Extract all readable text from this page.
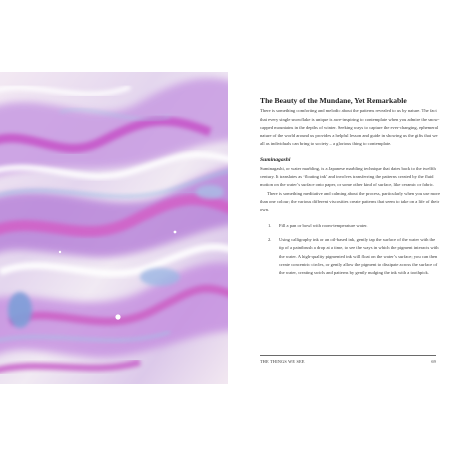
The Beauty of the Mundane, Yet Remarkable

There is something comforting and melodic about the patterns revealed to us by nature. The fact that every single snowflake is unique is awe-inspiring to contemplate when you admire the snow-capped mountains in the depths of winter. Seeking ways to capture the ever-changing, ephemeral nature of the world around us provides a helpful lesson and guide in showing us the gifts that we all as individuals can bring to society – a glorious thing to contemplate.

Suminagashi

Suminagashi, or water marbling, is a Japanese marbling technique that dates back to the twelfth century. It translates as ‘floating ink’ and involves transferring the patterns created by the fluid motion on the water’s surface onto paper, or some other kind of surface, like ceramic or fabric.

There is something meditative and calming about the process, particularly when you use more than one colour; the various different viscosities create patterns that seem to take on a life of their own.

1.	Fill a pan or bowl with room-temperature water.
2.	Using calligraphy ink or an oil-based ink, gently tap the surface of the water with the tip of a paintbrush a drop at a time, to see the ways in which the pigment interacts with the water. A high-quality pigmented ink will float on the water’s surface; you can then create concentric circles, or gently allow the pigment to dissipate across the surface of the water, creating swirls and patterns by gently nudging the ink with a toothpick.
THE THINGS WE SEE	69
